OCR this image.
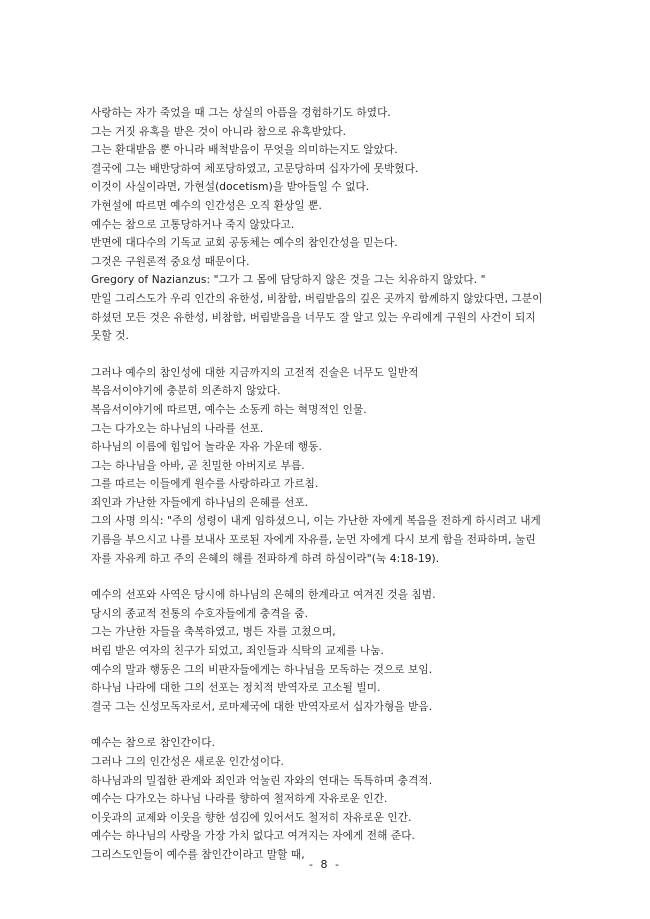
사랑하는 자가 죽었을 때 그는 상실의 아픔을 경험하기도 하였다.
그는 거짓 유혹을 받은 것이 아니라 참으로 유혹받았다.
그는 환대받음 뿐 아니라 배척받음이 무엇을 의미하는지도 알았다.
결국에 그는 배반당하여 체포당하였고, 고문당하며 십자가에 못박혔다.
이것이 사실이라면, 가현설(docetism)을 받아들일 수 없다.
가현설에 따르면 예수의 인간성은 오직 환상일 뿐.
예수는 참으로 고통당하거나 죽지 않았다고.
반면에 대다수의 기독교 교회 공동체는 예수의 참인간성을 믿는다.
그것은 구원론적 중요성 때문이다.
Gregory of Nazianzus: "그가 그 몸에 담당하지 않은 것을 그는 치유하지 않았다. "
만일 그리스도가 우리 인간의 유한성, 비참함, 버림받음의 깊은 곳까지 함께하지 않았다면, 그분이
하셨던 모든 것은 유한성, 비참함, 버림받음을 너무도 잘 알고 있는 우리에게 구원의 사건이 되지
못할 것.
그러나 예수의 참인성에 대한 지금까지의 고전적 진술은 너무도 일반적
복음서이야기에 충분히 의존하지 않았다.
복음서이야기에 따르면, 예수는 소동케 하는 혁명적인 인물.
그는 다가오는 하나님의 나라를 선포.
하나님의 이름에 힘입어 놀라운 자유 가운데 행동.
그는 하나님을 아바, 곧 친밀한 아버지로 부름.
그를 따르는 이들에게 원수를 사랑하라고 가르침.
죄인과 가난한 자들에게 하나님의 은혜를 선포.
그의 사명 의식: "주의 성령이 내게 임하셨으니, 이는 가난한 자에게 복음을 전하게 하시려고 내게
기름을 부으시고 나를 보내사 포로된 자에게 자유를, 눈먼 자에게 다시 보게 함을 전파하며, 눌린
자를 자유케 하고 주의 은혜의 해를 전파하게 하려 하심이라"(눅 4:18-19).
예수의 선포와 사역은 당시에 하나님의 은혜의 한계라고 여겨진 것을 침범.
당시의 종교적 전통의 수호자들에게 충격을 줌.
그는 가난한 자들을 축복하였고, 병든 자를 고쳤으며,
버림 받은 여자의 친구가 되었고, 죄인들과 식탁의 교제를 나눔.
예수의 말과 행동은 그의 비판자들에게는 하나님을 모독하는 것으로 보임.
하나님 나라에 대한 그의 선포는 정치적 반역자로 고소될 빌미.
결국 그는 신성모독자로서, 로마제국에 대한 반역자로서 십자가형을 받음.
예수는 참으로 참인간이다.
그러나 그의 인간성은 새로운 인간성이다.
하나님과의 밀접한 관계와 죄인과 억눌린 자와의 연대는 독특하며 충격적.
예수는 다가오는 하나님 나라를 향하여 철저하게 자유로운 인간.
이웃과의 교제와 이웃을 향한 섬김에 있어서도 철저히 자유로운 인간.
예수는 하나님의 사랑을 가장 가치 없다고 여겨지는 자에게 전해 준다.
그리스도인들이 예수를 참인간이라고 말할 때,
- 8 -
